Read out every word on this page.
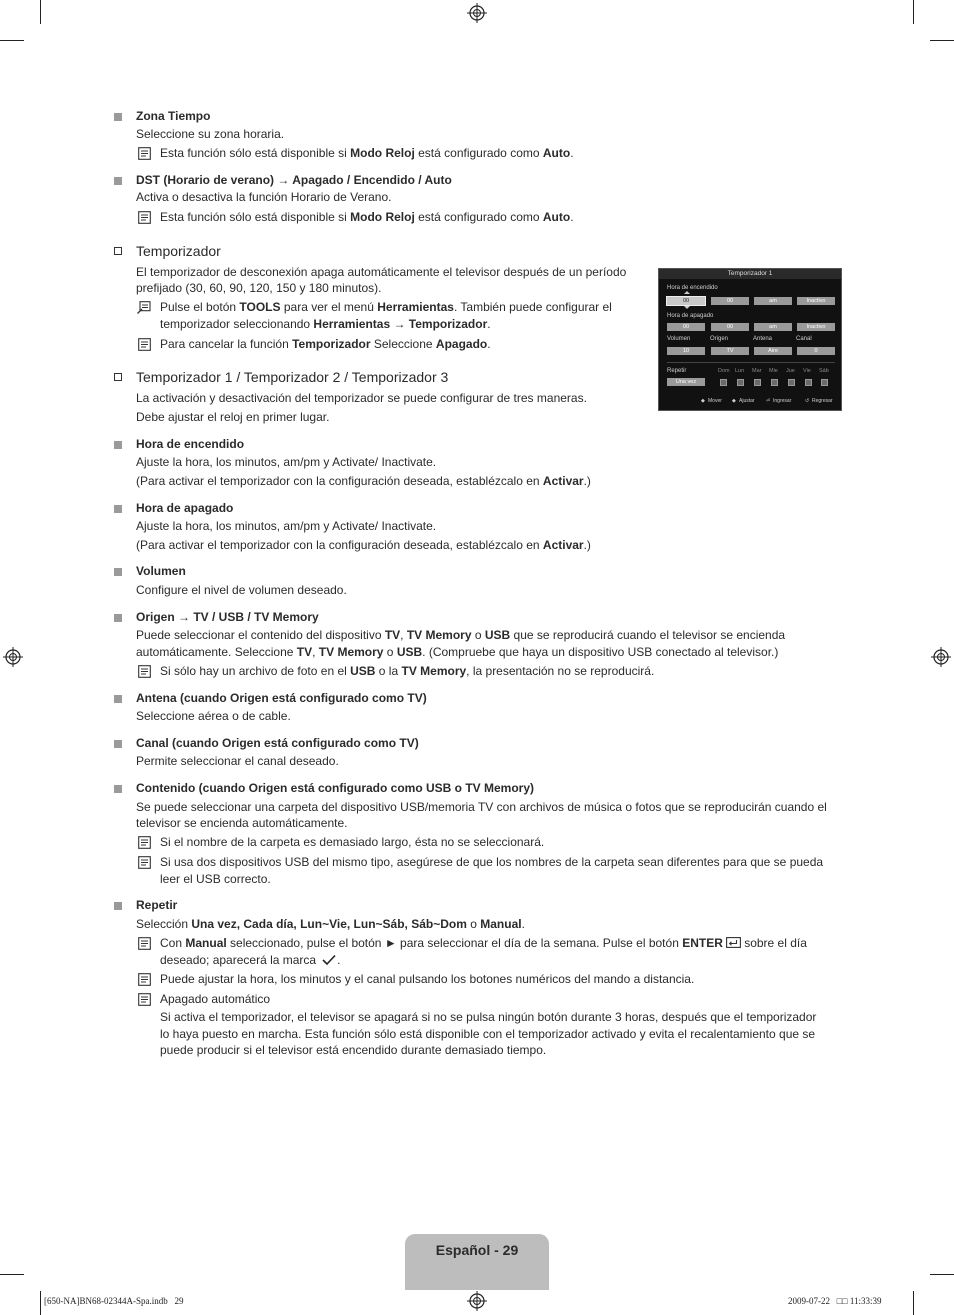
Zona Tiempo
Seleccione su zona horaria.
Esta función sólo está disponible si Modo Reloj está configurado como Auto.
DST (Horario de verano) → Apagado / Encendido / Auto
Activa o desactiva la función Horario de Verano.
Esta función sólo está disponible si Modo Reloj está configurado como Auto.
Temporizador
El temporizador de desconexión apaga automáticamente el televisor después de un período
prefijado (30, 60, 90, 120, 150 y 180 minutos).
Pulse el botón TOOLS para ver el menú Herramientas. También puede configurar el
temporizador seleccionando Herramientas → Temporizador.
Para cancelar la función Temporizador Seleccione Apagado.
Temporizador 1 / Temporizador 2 / Temporizador 3
La activación y desactivación del temporizador se puede configurar de tres maneras.
Debe ajustar el reloj en primer lugar.
Temporizador 1
Hora de encendido
00	00	am	Inactivo
Hora de apagado
00	00	am	Inactivo
Volumen	Origen	Antena	Canal
10	TV	Aire	0
Repetir
Una vez
Dom Lun Mar Mie Jue Vie Sáb
◆ Mover ◆ Ajustar ⏎ Ingresar	↺ Regresar
Hora de encendido
Ajuste la hora, los minutos, am/pm y Activate/ Inactivate.
(Para activar el temporizador con la configuración deseada, establézcalo en Activar.)
Hora de apagado
Ajuste la hora, los minutos, am/pm y Activate/ Inactivate.
(Para activar el temporizador con la configuración deseada, establézcalo en Activar.)
Volumen
Configure el nivel de volumen deseado.
Origen → TV / USB / TV Memory
Puede seleccionar el contenido del dispositivo TV, TV Memory o USB que se reproducirá cuando el televisor se encienda
automáticamente. Seleccione TV, TV Memory o USB. (Compruebe que haya un dispositivo USB conectado al televisor.)
Si sólo hay un archivo de foto en el USB o la TV Memory, la presentación no se reproducirá.
Antena (cuando Origen está configurado como TV)
Seleccione aérea o de cable.
Canal (cuando Origen está configurado como TV)
Permite seleccionar el canal deseado.
Contenido (cuando Origen está configurado como USB o TV Memory)
Se puede seleccionar una carpeta del dispositivo USB/memoria TV con archivos de música o fotos que se reproducirán cuando el
televisor se encienda automáticamente.
Si el nombre de la carpeta es demasiado largo, ésta no se seleccionará.
Si usa dos dispositivos USB del mismo tipo, asegúrese de que los nombres de la carpeta sean diferentes para que se pueda
leer el USB correcto.
Repetir
Selección Una vez, Cada día, Lun~Vie, Lun~Sáb, Sáb~Dom o Manual.
Con Manual seleccionado, pulse el botón ► para seleccionar el día de la semana. Pulse el botón ENTER sobre el día
deseado; aparecerá la marca .
Puede ajustar la hora, los minutos y el canal pulsando los botones numéricos del mando a distancia.
Apagado automático
Si activa el temporizador, el televisor se apagará si no se pulsa ningún botón durante 3 horas, después que el temporizador
lo haya puesto en marcha. Esta función sólo está disponible con el temporizador activado y evita el recalentamiento que se
puede producir si el televisor está encendido durante demasiado tiempo.
Español - 29
[650-NA]BN68-02344A-Spa.indb   29	2009-07-22   □□ 11:33:39
